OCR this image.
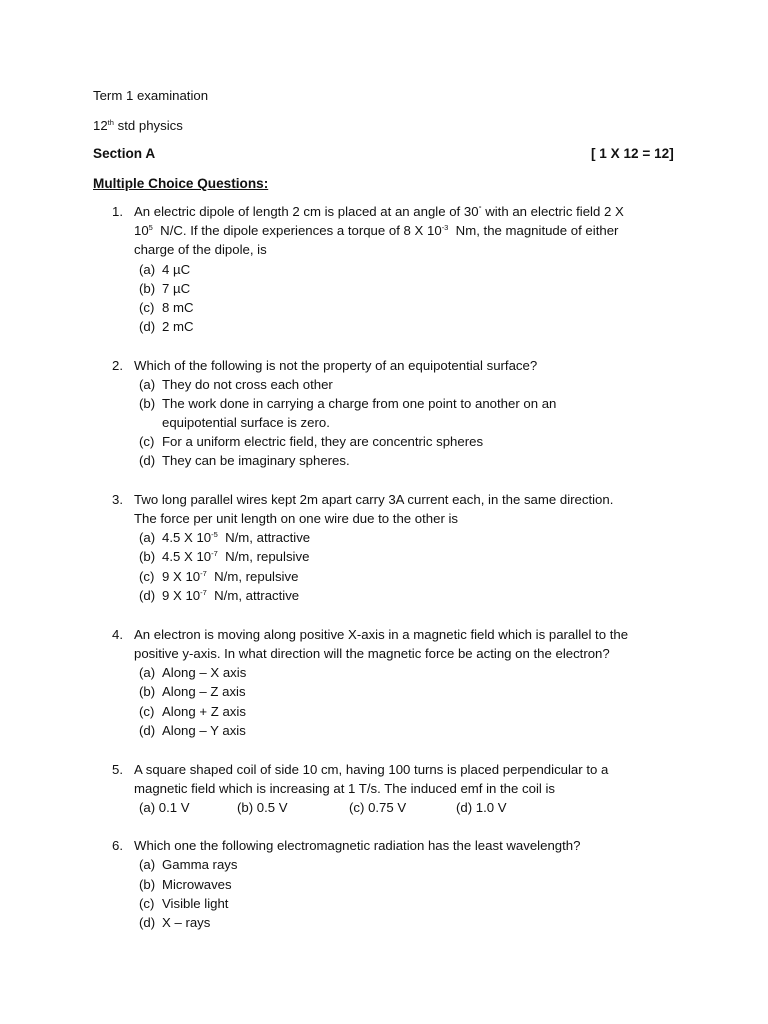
Term 1 examination
12th std physics
Section A	[ 1 X 12 = 12]
Multiple Choice Questions:
1. An electric dipole of length 2 cm is placed at an angle of 30° with an electric field 2 X
$10^5$  N/C. If the dipole experiences a torque of 8 X $10^{-3}$  Nm, the magnitude of either
charge of the dipole, is
(a) 4 µC
(b) 7 µC
(c) 8 mC
(d) 2 mC
2. Which of the following is not the property of an equipotential surface?
(a) They do not cross each other
(b) The work done in carrying a charge from one point to another on an
equipotential surface is zero.
(c) For a uniform electric field, they are concentric spheres
(d) They can be imaginary spheres.
3. Two long parallel wires kept 2m apart carry 3A current each, in the same direction.
The force per unit length on one wire due to the other is
(a) 4.5 X $10^{-5}$  N/m, attractive
(b) 4.5 X $10^{-7}$  N/m, repulsive
(c) 9 X $10^{-7}$  N/m, repulsive
(d) 9 X $10^{-7}$  N/m, attractive
4. An electron is moving along positive X-axis in a magnetic field which is parallel to the
positive y-axis. In what direction will the magnetic force be acting on the electron?
(a) Along – X axis
(b) Along – Z axis
(c) Along + Z axis
(d) Along – Y axis
5. A square shaped coil of side 10 cm, having 100 turns is placed perpendicular to a
magnetic field which is increasing at 1 T/s. The induced emf in the coil is
(a) 0.1 V	(b) 0.5 V	(c) 0.75 V	(d) 1.0 V
6. Which one the following electromagnetic radiation has the least wavelength?
(a) Gamma rays
(b) Microwaves
(c) Visible light
(d) X – rays
